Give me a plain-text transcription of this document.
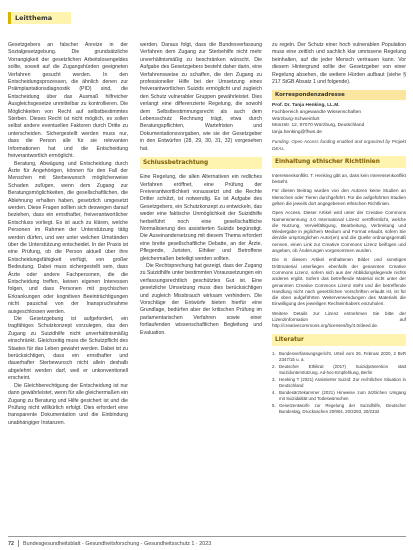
Leitthema

Gesetzgebers an falscher Anreize in der Sozialgesetzgebung. Die grundsätzliche Vorrangigkeit der gesetzlichen Arbeitslosengeldes sollte, soweit auf die Zugangshürden geeigneten Verfahren gesucht werden. In den Entscheidungsprozessen, die ähnlich denen zur Präimplantationsdiagnostik (PID) sind, die Entscheidung über das Ausmaß hilfreicher Ausgleichsgesetze unmittelbar zu kontrollieren. Die Möglichkeiten von Recht auf selbstbestimmtes Sterben. Dieses Recht ist nicht möglich, es sollen selbst andere eventuellen Faktoren durch Dritte zu unterscheiden. Sichergestellt werden muss nur, dass die Person alle für sie relevanten Informationen hat und die Entscheidung freiverantwortlich ermöglicht.

Beratung, Abwägung und Entscheidung durch Ärzte für Angehörigen, können für den Fall der Menschen mit Sterbewunsch möglicherweise Schaden zufügen, wenn dem Zugang zur Beratungsmöglichkeiten, die gesellschaftlichen, die Ablehnung erhalten haben, gesetzlich umgesetzt werden. Diese Fragen sollten sich deswegen darauf beziehen, dass ein ernsthafter, freiverantwortlicher Entschluss vorliegt. Es ist auch zu klären, welche Personen im Rahmen der Unterstützung tätig werden dürfen, und wer unter welchen Umständen über die Unterstützung entscheidet. In der Praxis ist eine Prüfung, ob die Person aktuell über ihre Entscheidungsfähigkeit verfügt, von großer Bedeutung. Dabei muss sichergestellt sein, dass Ärzte oder andere Fachpersonen, die die Entscheidung treffen, keinen eigenen Interessen folgen, und dass Personen mit psychischen Erkrankungen oder kognitiven Beeinträchtigungen nicht pauschal von der Inanspruchnahme ausgeschlossen werden.

Die Gesetzgebung ist aufgefordert, ein tragfähiges Schutzkonzept vorzulegen, das den Zugang zu Suizidhilfe nicht unverhältnismäßig einschränkt. Gleichzeitig muss die Schutzpflicht des Staates für das Leben gewahrt werden. Dabei ist zu berücksichtigen, dass ein ernsthafter und dauerhafter Sterbewunsch nicht allein deshalb abgelehnt werden darf, weil er unkonventionell erscheint.

Die Gleichberechtigung der Entscheidung ist nur dann gewährleistet, wenn für alle gleichermaßen ein Zugang zu Beratung und Hilfe gesichert ist und die Prüfung nicht willkürlich erfolgt. Dies erfordert eine transparente Dokumentation und die Einbindung unabhängiger Instanzen.

werden. Daraus folgt, dass die Bundesverfassung Verfahren dem Zugang zur Sterbehilfe nicht mehr unverhältnismäßig zu beschränken wünscht. Die Aufgabe des Gesetzgebers besteht daher darin, eine Verfahrensweise zu schaffen, die den Zugang zu professioneller Hilfe bei der Umsetzung eines freiverantwortlichen Suizids ermöglicht und zugleich den Schutz vulnerabler Gruppen gewährleistet. Dies verlangt eine differenzierte Regelung, die sowohl dem Selbstbestimmungsrecht als auch dem Lebensschutz Rechnung trägt, etwa durch Beratungspflichten, Wartefristen und Dokumentationsvorgaben, wie sie der Gesetzgeber in den Entwürfen (28, 29, 30, 31, 32) vorgesehen hat.

Schlussbetrachtung

Eine Regelung, die allen Alternativen ein redliches Verfahren eröffnet, eine Prüfung der Freiverantwortlichkeit voraussetzt und die Rechte Dritter schützt, ist notwendig. Es ist Aufgabe des Gesetzgebers, ein Schutzkonzept zu entwickeln, das weder eine faktische Unmöglichkeit der Suizidhilfe herbeiführt noch eine gesellschaftliche Normalisierung des assistierten Suizids begünstigt. Die Auseinandersetzung mit diesem Thema erfordert eine breite gesellschaftliche Debatte, an der Ärzte, Pflegende, Juristen, Ethiker und Betroffene gleichermaßen beteiligt werden sollten.

Die Rechtsprechung hat gezeigt, dass der Zugang zu Suizidhilfe unter bestimmten Voraussetzungen ein verfassungsrechtlich geschütztes Gut ist. Eine gesetzliche Umsetzung muss dies berücksichtigen und zugleich Missbrauch wirksam verhindern. Die Vorschläge der Entwürfe bieten hierfür eine Grundlage, bedürfen aber der kritischen Prüfung im parlamentarischen Verfahren sowie einer fortlaufenden wissenschaftlichen Begleitung und Evaluation.

zu regeln. Der Schutz einer hoch vulnerablen Population muss eine zeitlich und sachlich klar umrissene Regelung beinhalten, auf die jeder Mensch vertrauen kann. Vor diesem Hintergrund sollte der Gesetzgeber von einer Regelung absehen, die weitere Hürden aufbaut (siehe § 217 StGB Absatz 1 und folgende).

Korrespondenzadresse
Prof. Dr. Tanja Henking, LL.M.
Fachbereich angewandte Wissenschaften
Würzburg-Schweinfurt
Münzstr. 12, 97070 Würzburg, Deutschland
tanja.henking@fhws.de
Funding. Open Access funding enabled and organized by Projekt DEAL.
Einhaltung ethischer Richtlinien
Interessenkonflikt. T. Henking gibt an, dass kein Interessenkonflikt besteht.
Für diesen Beitrag wurden von den Autoren keine Studien an Menschen oder Tieren durchgeführt. Für die aufgeführten Studien gelten die jeweils dort angegebenen ethischen Richtlinien.
Open Access. Dieser Artikel wird unter der Creative Commons Namensnennung 4.0 International Lizenz veröffentlicht, welche die Nutzung, Vervielfältigung, Bearbeitung, Verbreitung und Wiedergabe in jeglichem Medium und Format erlaubt, sofern Sie den/die ursprünglichen Autor(en) und die Quelle ordnungsgemäß nennen, einen Link zur Creative Commons Lizenz beifügen und angeben, ob Änderungen vorgenommen wurden.
Die in diesem Artikel enthaltenen Bilder und sonstiges Drittmaterial unterliegen ebenfalls der genannten Creative Commons Lizenz, sofern sich aus der Abbildungslegende nichts anderes ergibt. Sofern das betreffende Material nicht unter der genannten Creative Commons Lizenz steht und die betreffende Handlung nicht nach gesetzlichen Vorschriften erlaubt ist, ist für die oben aufgeführten Weiterverwendungen des Materials die Einwilligung des jeweiligen Rechteinhabers einzuholen.
Weitere Details zur Lizenz entnehmen Sie bitte der Lizenzinformation auf http://creativecommons.org/licenses/by/4.0/deed.de.
Literatur
1. Bundesverfassungsgericht, Urteil vom 26. Februar 2020, 2 BvR 2347/15 u. a.
2. Deutscher Ethikrat (2017) Suizidprävention statt Suizidunterstützung. Ad-hoc-Empfehlung, Berlin
3. Henking T (2021) Assistierter Suizid: Zur rechtlichen Situation in Deutschland
4. Bundesärztekammer (2021) Hinweise zum ärztlichen Umgang mit Suizidalität und Todeswünschen
5. Gesetzentwürfe zur Regelung der Suizidhilfe, Deutscher Bundestag, Drucksachen 20/904, 20/2293, 20/2332
72 Bundesgesundheitsblatt - Gesundheitsforschung - Gesundheitsschutz 1 · 2023
